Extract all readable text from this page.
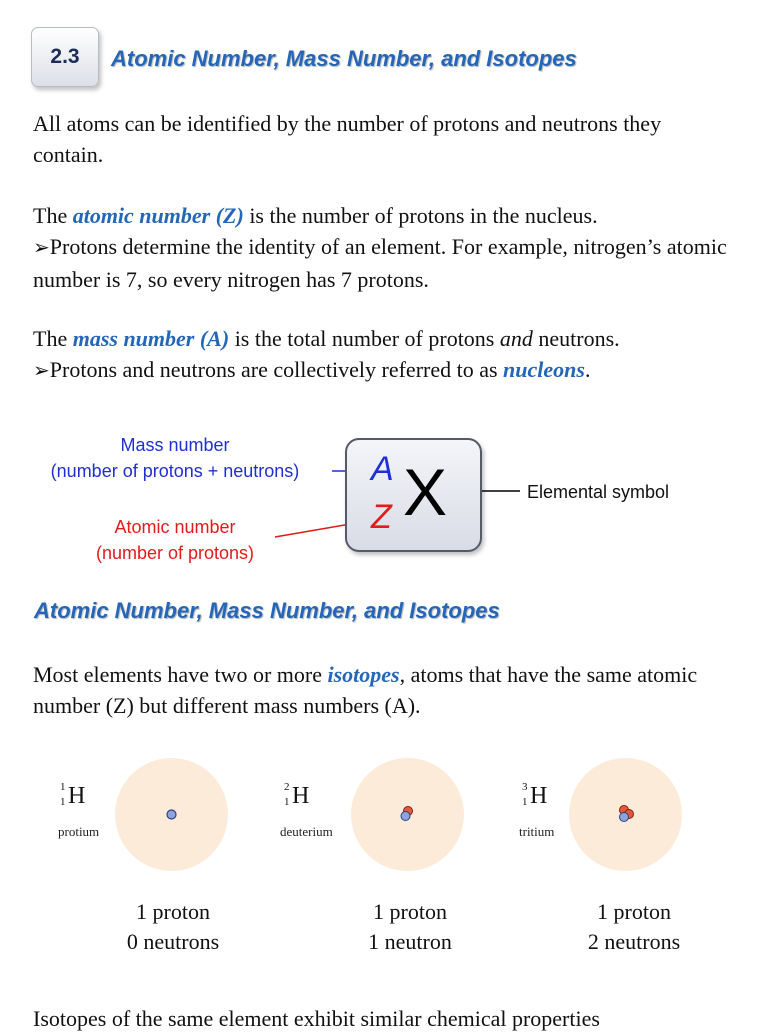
2.3 Atomic Number, Mass Number, and Isotopes

All atoms can be identified by the number of protons and neutrons they contain.

The atomic number (Z) is the number of protons in the nucleus.

➢Protons determine the identity of an element. For example, nitrogen’s atomic number is 7, so every nitrogen has 7 protons.

The mass number (A) is the total number of protons and neutrons.

➢Protons and neutrons are collectively referred to as nucleons.

Mass number
(number of protons + neutrons)
Atomic number
(number of protons)
A
Z X	Elemental symbol
Atomic Number, Mass Number, and Isotopes

Most elements have two or more isotopes, atoms that have the same atomic number (Z) but different mass numbers (A).

H
1
1
protium
1 proton
0 neutrons
H
2
1
deuterium
1 proton
1 neutron
H
3
1
tritium
1 proton
2 neutrons

Isotopes of the same element exhibit similar chemical properties
